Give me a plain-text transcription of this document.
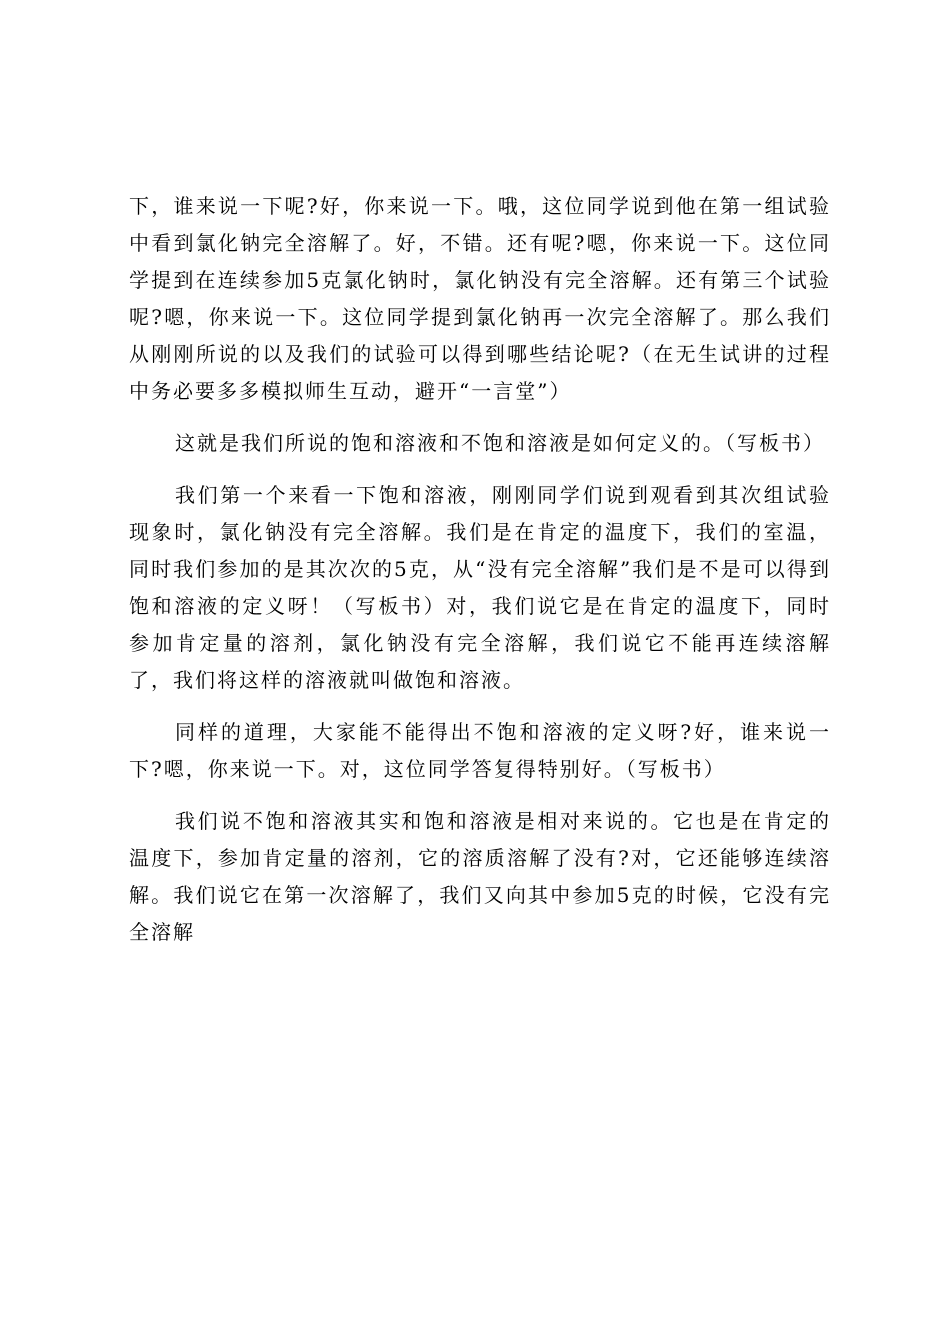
下，谁来说一下呢?好，你来说一下。哦，这位同学说到他在第一组试验中看到氯化钠完全溶解了。好，不错。还有呢?嗯，你来说一下。这位同学提到在连续参加5克氯化钠时，氯化钠没有完全溶解。还有第三个试验呢?嗯，你来说一下。这位同学提到氯化钠再一次完全溶解了。那么我们从刚刚所说的以及我们的试验可以得到哪些结论呢?（在无生试讲的过程中务必要多多模拟师生互动，避开“一言堂”）

这就是我们所说的饱和溶液和不饱和溶液是如何定义的。（写板书）

我们第一个来看一下饱和溶液，刚刚同学们说到观看到其次组试验现象时，氯化钠没有完全溶解。我们是在肯定的温度下，我们的室温，同时我们参加的是其次次的5克，从“没有完全溶解”我们是不是可以得到饱和溶液的定义呀！（写板书）对，我们说它是在肯定的温度下，同时参加肯定量的溶剂，氯化钠没有完全溶解，我们说它不能再连续溶解了，我们将这样的溶液就叫做饱和溶液。

同样的道理，大家能不能得出不饱和溶液的定义呀?好，谁来说一下?嗯，你来说一下。对，这位同学答复得特别好。（写板书）

我们说不饱和溶液其实和饱和溶液是相对来说的。它也是在肯定的温度下，参加肯定量的溶剂，它的溶质溶解了没有?对，它还能够连续溶解。我们说它在第一次溶解了，我们又向其中参加5克的时候，它没有完全溶解
